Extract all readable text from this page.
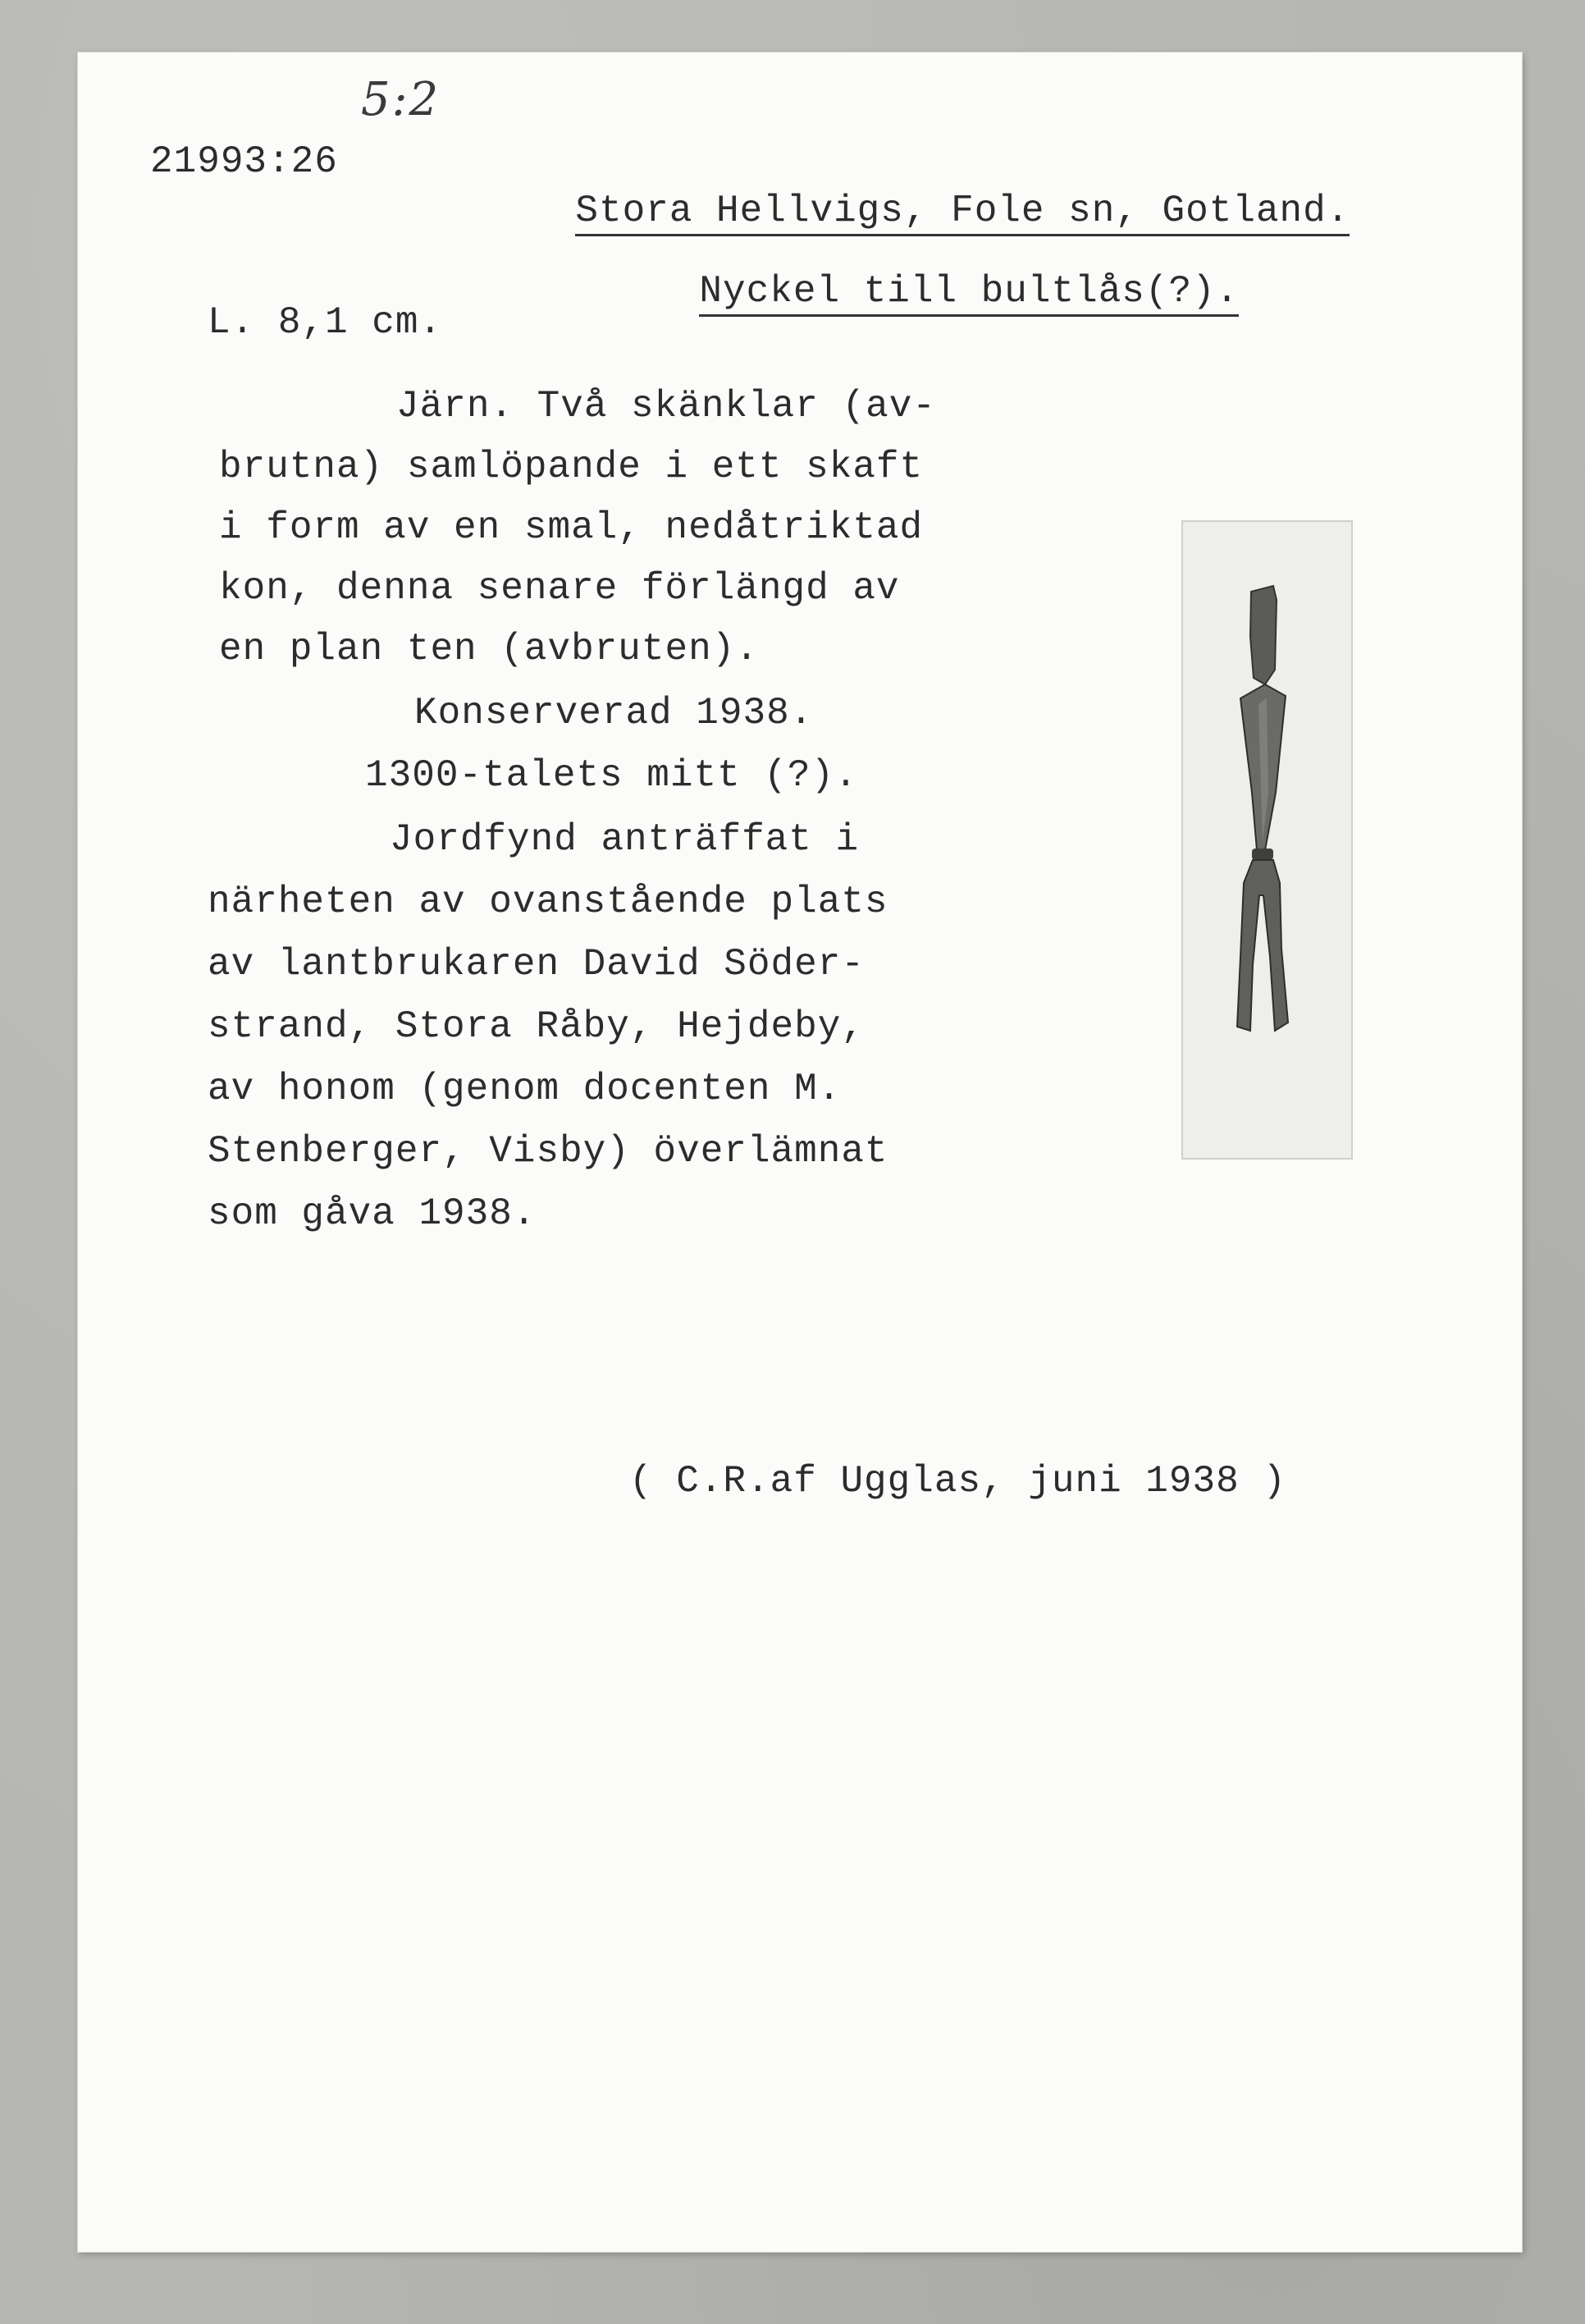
5:2
21993:26

Stora Hellvigs, Fole sn, Gotland.

Nyckel till bultlås(?).

L. 8,1 cm.
Järn. Två skänklar (av-
brutna) samlöpande i ett skaft
i form av en smal, nedåtriktad
kon, denna senare förlängd av
en plan ten (avbruten).
Konserverad 1938.
1300-talets mitt (?).
Jordfynd anträffat i
närheten av ovanstående plats
av lantbrukaren David Söder-
strand, Stora Råby, Hejdeby,
av honom (genom docenten M.
Stenberger, Visby) överlämnat
som gåva 1938.
( C.R.af Ugglas, juni 1938 )
